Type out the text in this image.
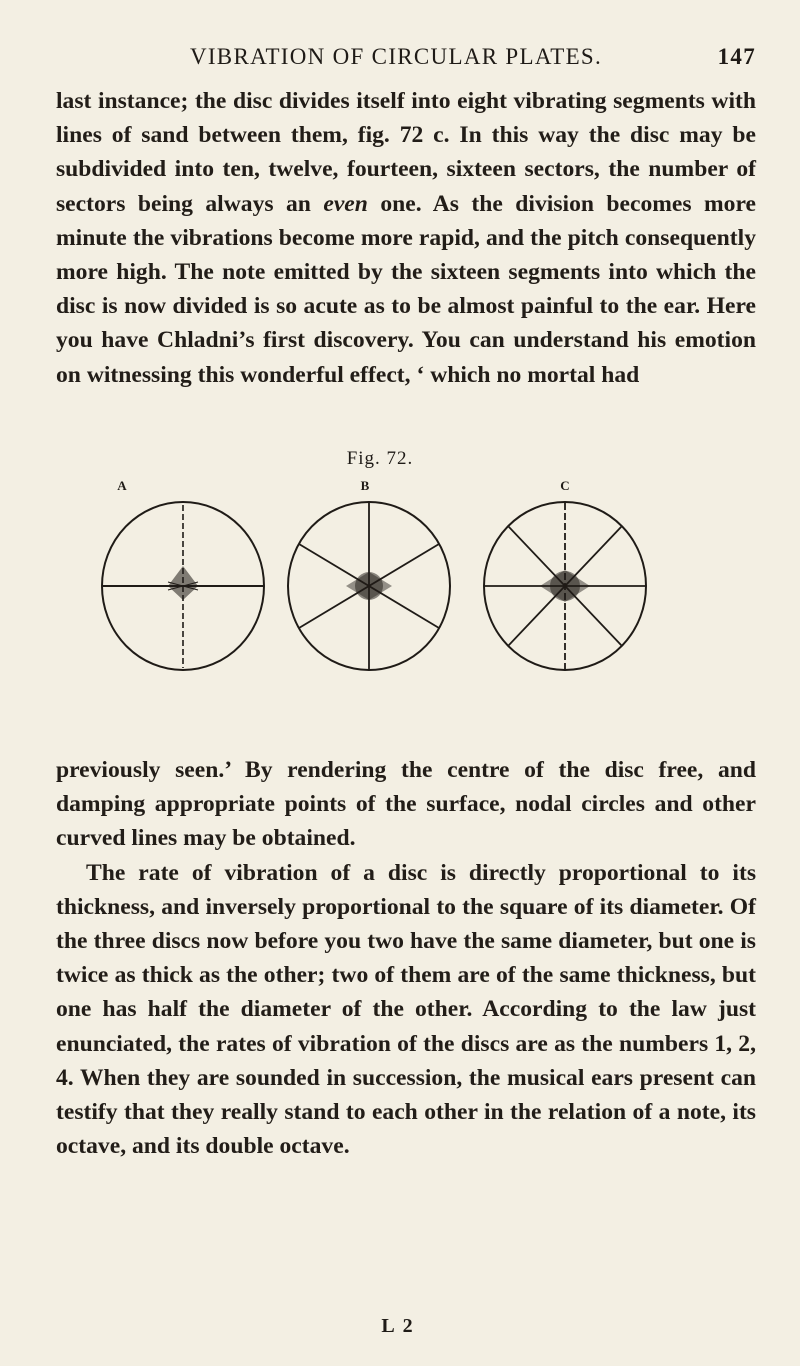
VIBRATION OF CIRCULAR PLATES.	147

last instance; the disc divides itself into eight vibrating segments with lines of sand between them, fig. 72 c. In this way the disc may be subdivided into ten, twelve, fourteen, sixteen sectors, the number of sectors being always an even one. As the division becomes more minute the vibrations become more rapid, and the pitch consequently more high. The note emitted by the sixteen segments into which the disc is now divided is so acute as to be almost painful to the ear. Here you have Chladni’s first discovery. You can understand his emotion on witnessing this wonderful effect, ‘ which no mortal had

Fig. 72.
A	B	C

previously seen.’ By rendering the centre of the disc free, and damping appropriate points of the surface, nodal circles and other curved lines may be obtained.

The rate of vibration of a disc is directly proportional to its thickness, and inversely proportional to the square of its diameter. Of the three discs now before you two have the same diameter, but one is twice as thick as the other; two of them are of the same thickness, but one has half the diameter of the other. According to the law just enunciated, the rates of vibration of the discs are as the numbers 1, 2, 4. When they are sounded in succession, the musical ears present can testify that they really stand to each other in the relation of a note, its octave, and its double octave.

L 2
